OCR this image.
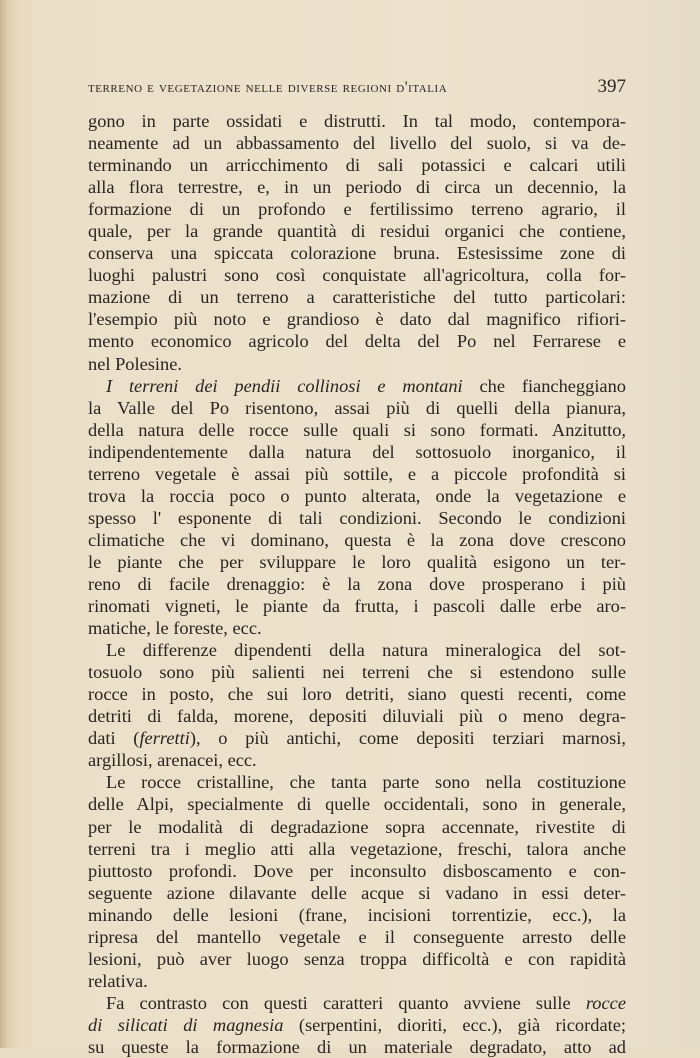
terreno e vegetazione nelle diverse regioni d'italia	397
gono in parte ossidati e distrutti. In tal modo, contempora-
neamente ad un abbassamento del livello del suolo, si va de-
terminando un arricchimento di sali potassici e calcari utili
alla flora terrestre, e, in un periodo di circa un decennio, la
formazione di un profondo e fertilissimo terreno agrario, il
quale, per la grande quantità di residui organici che contiene,
conserva una spiccata colorazione bruna. Estesissime zone di
luoghi palustri sono così conquistate all'agricoltura, colla for-
mazione di un terreno a caratteristiche del tutto particolari:
l'esempio più noto e grandioso è dato dal magnifico rifiori-
mento economico agricolo del delta del Po nel Ferrarese e
nel Polesine.
I terreni dei pendii collinosi e montani che fiancheggiano
la Valle del Po risentono, assai più di quelli della pianura,
della natura delle rocce sulle quali si sono formati. Anzitutto,
indipendentemente dalla natura del sottosuolo inorganico, il
terreno vegetale è assai più sottile, e a piccole profondità si
trova la roccia poco o punto alterata, onde la vegetazione e
spesso l' esponente di tali condizioni. Secondo le condizioni
climatiche che vi dominano, questa è la zona dove crescono
le piante che per sviluppare le loro qualità esigono un ter-
reno di facile drenaggio: è la zona dove prosperano i più
rinomati vigneti, le piante da frutta, i pascoli dalle erbe aro-
matiche, le foreste, ecc.
Le differenze dipendenti della natura mineralogica del sot-
tosuolo sono più salienti nei terreni che si estendono sulle
rocce in posto, che sui loro detriti, siano questi recenti, come
detriti di falda, morene, depositi diluviali più o meno degra-
dati (ferretti), o più antichi, come depositi terziari marnosi,
argillosi, arenacei, ecc.
Le rocce cristalline, che tanta parte sono nella costituzione
delle Alpi, specialmente di quelle occidentali, sono in generale,
per le modalità di degradazione sopra accennate, rivestite di
terreni tra i meglio atti alla vegetazione, freschi, talora anche
piuttosto profondi. Dove per inconsulto disboscamento e con-
seguente azione dilavante delle acque si vadano in essi deter-
minando delle lesioni (frane, incisioni torrentizie, ecc.), la
ripresa del mantello vegetale e il conseguente arresto delle
lesioni, può aver luogo senza troppa difficoltà e con rapidità
relativa.
Fa contrasto con questi caratteri quanto avviene sulle rocce
di silicati di magnesia (serpentini, dioriti, ecc.), già ricordate;
su queste la formazione di un materiale degradato, atto ad
